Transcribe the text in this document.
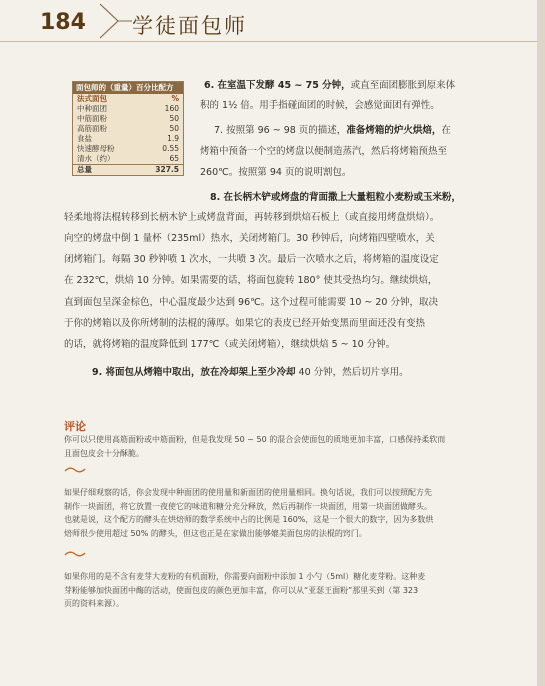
184 学徒面包师
面包师的（重量）百分比配方
法式面包	%
中种面团	160
中筋面粉	50
高筋面粉	50
食盐	1.9
快速酵母粉	0.55
清水（约）	65
总量	327.5
6. 在室温下发酵 45 ~ 75 分钟，或直至面团膨胀到原来体
积的 1½ 倍。用手指碰面团的时候，会感觉面团有弹性。
7. 按照第 96 ~ 98 页的描述，准备烤箱的炉火烘焙，在
烤箱中预备一个空的烤盘以便制造蒸汽，然后将烤箱预热至
260℃。按照第 94 页的说明割包。
8. 在长柄木铲或烤盘的背面撒上大量粗粒小麦粉或玉米粉，
轻柔地将法棍转移到长柄木铲上或烤盘背面，再转移到烘焙石板上（或直接用烤盘烘焙）。
向空的烤盘中倒 1 量杯（235ml）热水，关闭烤箱门。30 秒钟后，向烤箱四壁喷水，关
闭烤箱门。每隔 30 秒钟喷 1 次水，一共喷 3 次。最后一次喷水之后，将烤箱的温度设定
在 232℃，烘焙 10 分钟。如果需要的话，将面包旋转 180° 使其受热均匀。继续烘焙，
直到面包呈深金棕色，中心温度最少达到 96℃。这个过程可能需要 10 ~ 20 分钟，取决
于你的烤箱以及你所烤制的法棍的薄厚。如果它的表皮已经开始变黑而里面还没有变热
的话，就将烤箱的温度降低到 177℃（或关闭烤箱），继续烘焙 5 ~ 10 分钟。
9. 将面包从烤箱中取出，放在冷却架上至少冷却 40 分钟，然后切片享用。
评论
你可以只使用高筋面粉或中筋面粉，但是我发现 50 ~ 50 的混合会使面包的质地更加丰富，口感保持柔软而
且面包皮会十分酥脆。
如果仔细观察的话，你会发现中种面团的使用量和新面团的使用量相同。换句话说，我们可以按照配方先
制作一块面团，将它放置一夜使它的味道和糖分充分释放，然后再制作一块面团，用第一块面团做酵头。
也就是说，这个配方的酵头在烘焙师的数学系统中占的比例是 160%，这是一个很大的数字，因为多数烘
焙师很少使用超过 50% 的酵头，但这也正是在家做出能够媲美面包房的法棍的窍门。
如果你用的是不含有麦芽大麦粉的有机面粉，你需要向面粉中添加 1 小勺（5ml）糖化麦芽粉。这种麦
芽粉能够加快面团中酶的活动，使面包皮的颜色更加丰富，你可以从“亚瑟王面粉”那里买到（第 323
页的资料来源）。
